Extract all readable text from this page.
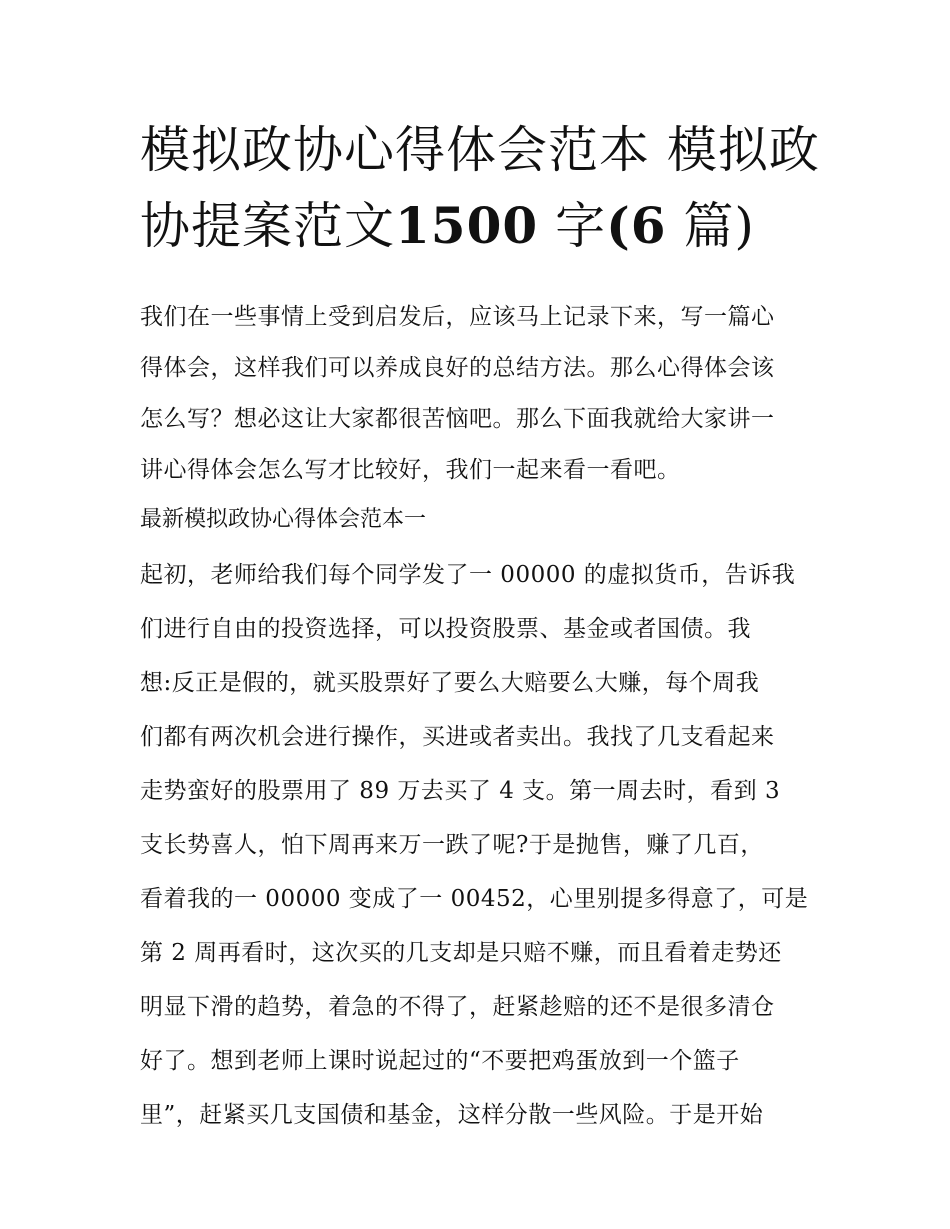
模拟政协心得体会范本 模拟政
协提案范文1500 字(6 篇)
我们在一些事情上受到启发后，应该马上记录下来，写一篇心
得体会，这样我们可以养成良好的总结方法。那么心得体会该
怎么写？想必这让大家都很苦恼吧。那么下面我就给大家讲一
讲心得体会怎么写才比较好，我们一起来看一看吧。
最新模拟政协心得体会范本一
起初，老师给我们每个同学发了一 00000 的虚拟货币，告诉我
们进行自由的投资选择，可以投资股票、基金或者国债。我
想:反正是假的，就买股票好了要么大赔要么大赚，每个周我
们都有两次机会进行操作，买进或者卖出。我找了几支看起来
走势蛮好的股票用了 89 万去买了 4 支。第一周去时，看到 3
支长势喜人，怕下周再来万一跌了呢?于是抛售，赚了几百，
看着我的一 00000 变成了一 00452，心里别提多得意了，可是
第 2 周再看时，这次买的几支却是只赔不赚，而且看着走势还
明显下滑的趋势，着急的不得了，赶紧趁赔的还不是很多清仓
好了。想到老师上课时说起过的“不要把鸡蛋放到一个篮子
里”，赶紧买几支国债和基金，这样分散一些风险。于是开始
